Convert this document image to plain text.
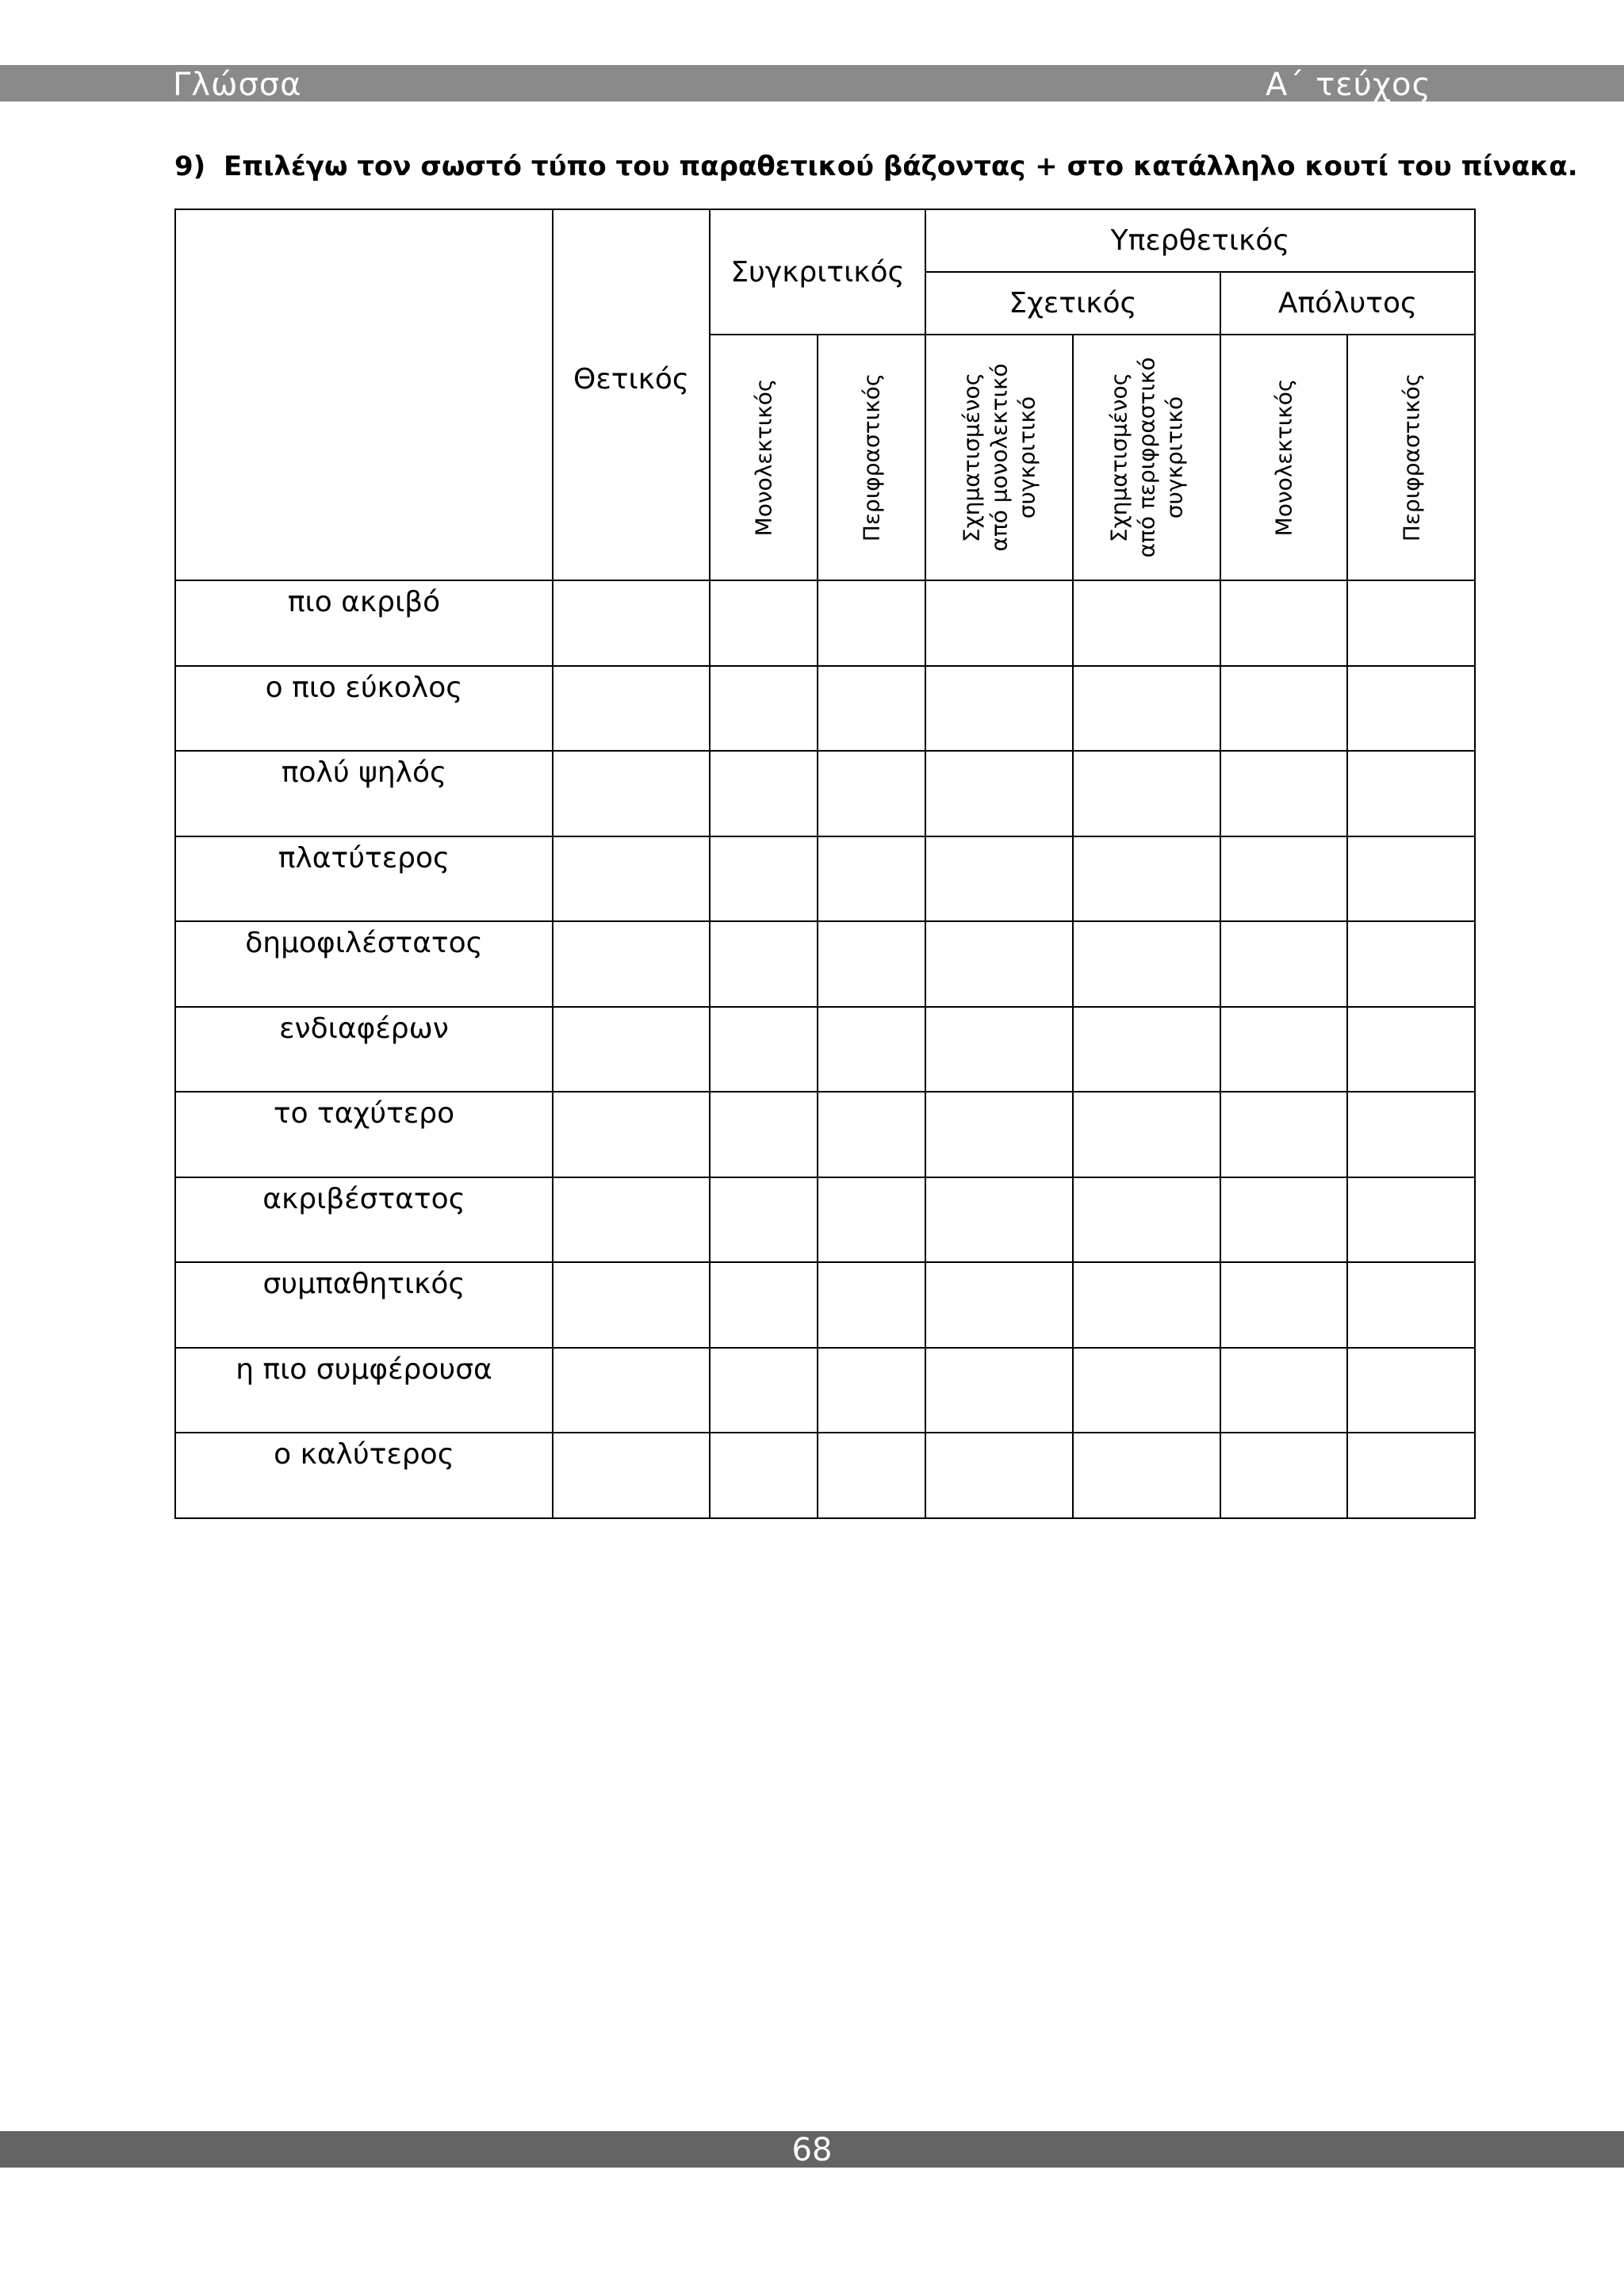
Γλώσσα	Α΄ τεύχος
9) Επιλέγω τον σωστό τύπο του παραθετικού βάζοντας + στο κατάλληλο κουτί του πίνακα.
	Θετικός	Συγκριτικός		Υπερθετικός			
				Σχετικός		Απόλυτος	

		Μονολεκτικός	Περιφραστικός	Σχηματισμένος
από μονολεκτικό
συγκριτικό	Σχηματισμένος
από περιφραστικό
συγκριτικό	Μονολεκτικός	Περιφραστικός

πιο ακριβό							
ο πιο εύκολος							
πολύ ψηλός							
πλατύτερος							
δημοφιλέστατος							
ενδιαφέρων							
το ταχύτερο							
ακριβέστατος							
συμπαθητικός							
η πιο συμφέρουσα							
ο καλύτερος							
68
